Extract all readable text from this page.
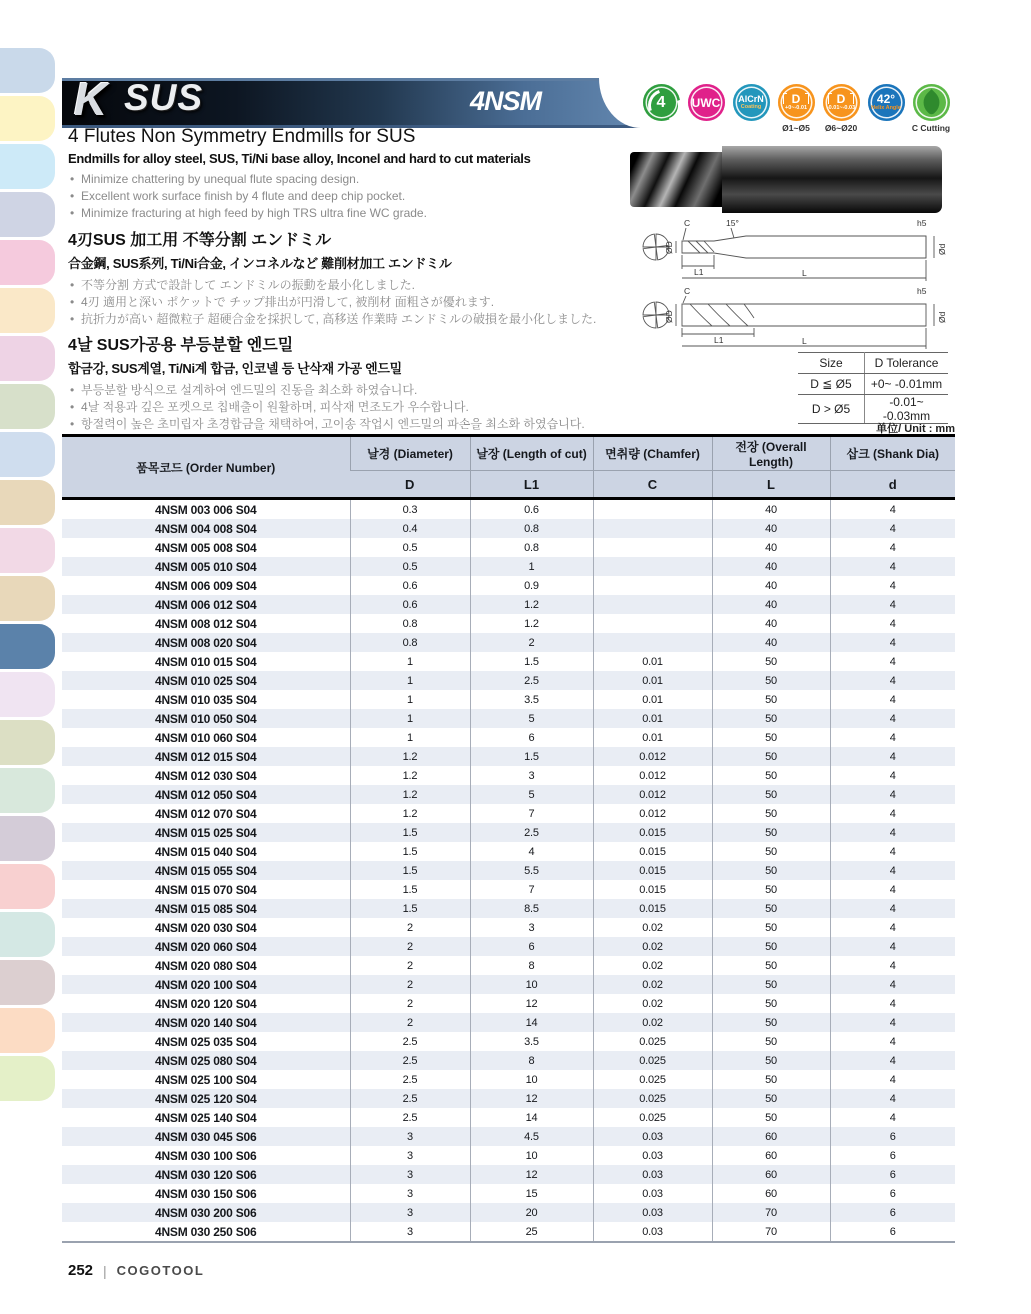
K SUS	4NSM	4 UWC AlCrN
Coating
D
+0~-0.01
Ø1~Ø5
D
-0.01~-0.03
Ø6~Ø20
42°
Helix Angle
C Cutting
4 Flutes Non Symmetry Endmills for SUS
Endmills for alloy steel, SUS, Ti/Ni base alloy, Inconel and hard to cut materials
• Minimize chattering by unequal flute spacing design.
• Excellent work surface finish by 4 flute and deep chip pocket.
• Minimize fracturing at high feed by high TRS ultra fine WC grade.
4刃SUS 加工用 不等分割 エンドミル
合金鋼, SUS系列, Ti/Ni合金, インコネルなど 難削材加工 エンドミル
• 不等分割 方式で設計して エンドミルの振動を最小化しました.
• 4刃 適用と深い ポケットで チップ排出が円滑して, 被削材 面粗さが優れます.
• 抗折力が高い 超微粒子 超硬合金を採択して, 高移送 作業時 エンドミルの破損を最小化しました.
4날 SUS가공용 부등분할 엔드밀
합금강, SUS계열, Ti/Ni계 합금, 인코넬 등 난삭재 가공 엔드밀
• 부등분할 방식으로 설계하여 엔드밀의 진동을 최소화 하였습니다.
• 4날 적용과 깊은 포켓으로 칩배출이 원활하며, 피삭재 면조도가 우수합니다.
• 항절력이 높은 초미립자 초경합금을 채택하여, 고이송 작업시 엔드밀의 파손을 최소화 하였습니다.
C	15°	h5
ØD	Ød
L1	L
C	h5
ØD	Ød
L1	L
Size	D Tolerance
D ≦ Ø5	+0~ -0.01mm
D > Ø5	-0.01~ -0.03mm
单位/ Unit : mm
품목코드 (Order Number)	날경 (Diameter)	날장 (Length of cut)	면취량 (Chamfer)	전장 (Overall Length)	삽크 (Shank Dia)
	D	L1	C	L	d
4NSM 003 006 S04	0.3	0.6		40	4
4NSM 004 008 S04	0.4	0.8		40	4
4NSM 005 008 S04	0.5	0.8		40	4
4NSM 005 010 S04	0.5	1		40	4
4NSM 006 009 S04	0.6	0.9		40	4
4NSM 006 012 S04	0.6	1.2		40	4
4NSM 008 012 S04	0.8	1.2		40	4
4NSM 008 020 S04	0.8	2		40	4
4NSM 010 015 S04	1	1.5	0.01	50	4
4NSM 010 025 S04	1	2.5	0.01	50	4
4NSM 010 035 S04	1	3.5	0.01	50	4
4NSM 010 050 S04	1	5	0.01	50	4
4NSM 010 060 S04	1	6	0.01	50	4
4NSM 012 015 S04	1.2	1.5	0.012	50	4
4NSM 012 030 S04	1.2	3	0.012	50	4
4NSM 012 050 S04	1.2	5	0.012	50	4
4NSM 012 070 S04	1.2	7	0.012	50	4
4NSM 015 025 S04	1.5	2.5	0.015	50	4
4NSM 015 040 S04	1.5	4	0.015	50	4
4NSM 015 055 S04	1.5	5.5	0.015	50	4
4NSM 015 070 S04	1.5	7	0.015	50	4
4NSM 015 085 S04	1.5	8.5	0.015	50	4
4NSM 020 030 S04	2	3	0.02	50	4
4NSM 020 060 S04	2	6	0.02	50	4
4NSM 020 080 S04	2	8	0.02	50	4
4NSM 020 100 S04	2	10	0.02	50	4
4NSM 020 120 S04	2	12	0.02	50	4
4NSM 020 140 S04	2	14	0.02	50	4
4NSM 025 035 S04	2.5	3.5	0.025	50	4
4NSM 025 080 S04	2.5	8	0.025	50	4
4NSM 025 100 S04	2.5	10	0.025	50	4
4NSM 025 120 S04	2.5	12	0.025	50	4
4NSM 025 140 S04	2.5	14	0.025	50	4
4NSM 030 045 S06	3	4.5	0.03	60	6
4NSM 030 100 S06	3	10	0.03	60	6
4NSM 030 120 S06	3	12	0.03	60	6
4NSM 030 150 S06	3	15	0.03	60	6
4NSM 030 200 S06	3	20	0.03	70	6
4NSM 030 250 S06	3	25	0.03	70	6
252 | COGOTOOL
